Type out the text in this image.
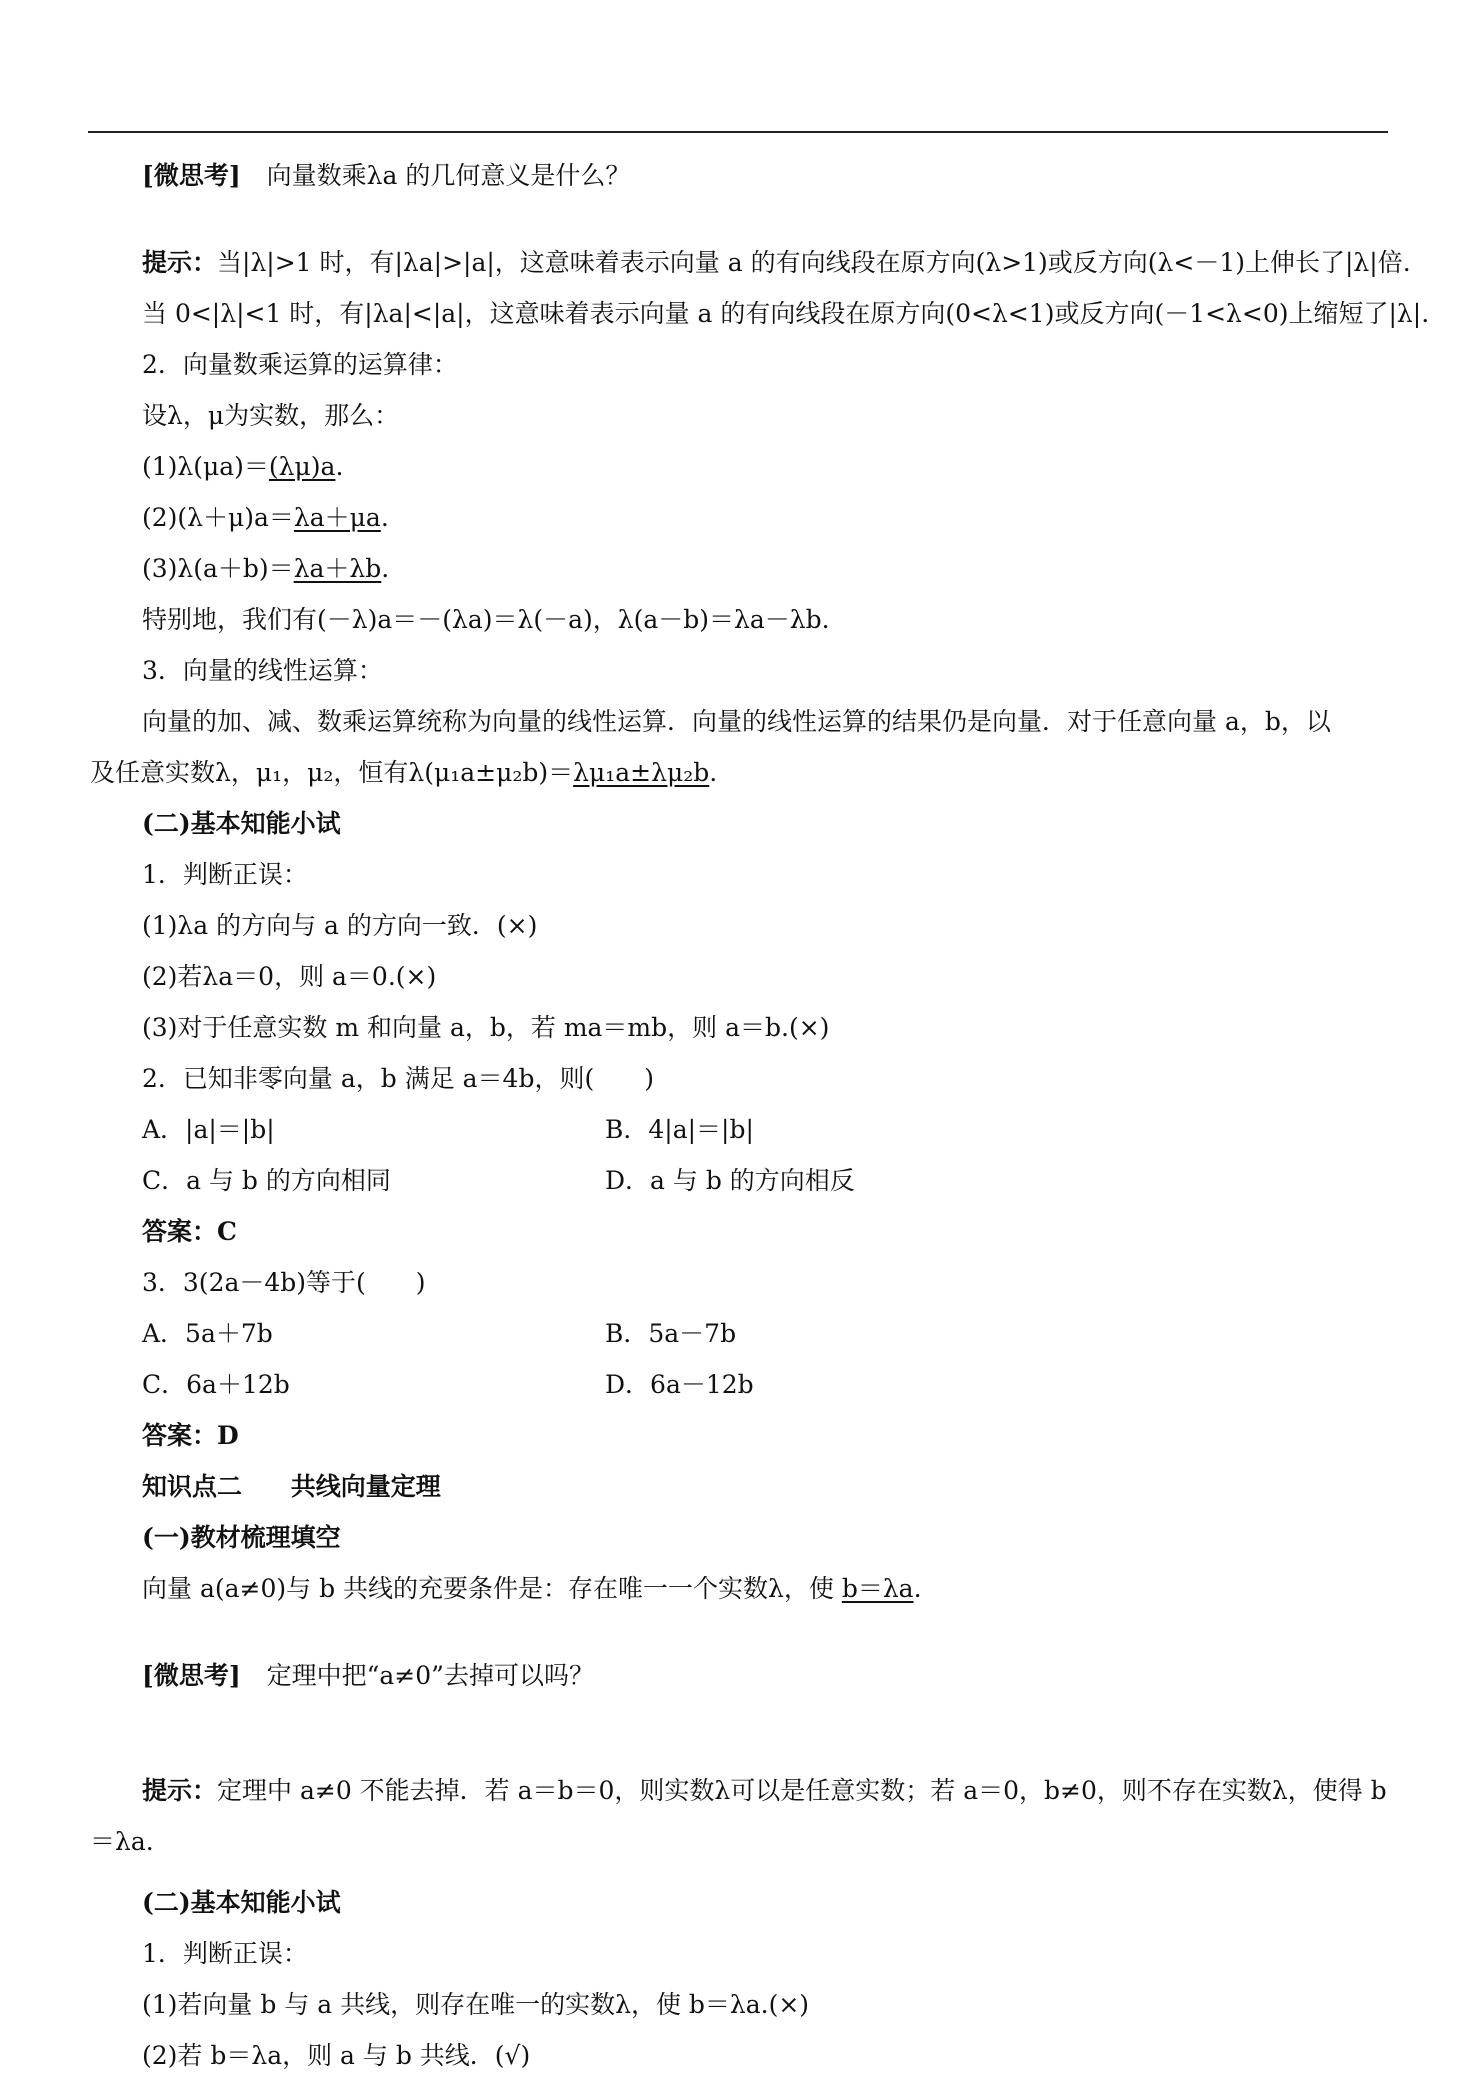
[微思考] 向量数乘λa 的几何意义是什么？
提示：当|λ|>1 时，有|λa|>|a|，这意味着表示向量 a 的有向线段在原方向(λ>1)或反方向(λ<－1)上伸长了|λ|倍.
当 0<|λ|<1 时，有|λa|<|a|，这意味着表示向量 a 的有向线段在原方向(0<λ<1)或反方向(－1<λ<0)上缩短了|λ|.
2．向量数乘运算的运算律：
设λ，μ为实数，那么：
(1)λ(μa)＝(λμ)a.
(2)(λ＋μ)a＝λa＋μa.
(3)λ(a＋b)＝λa＋λb.
特别地，我们有(－λ)a＝－(λa)＝λ(－a)，λ(a－b)＝λa－λb.
3．向量的线性运算：
向量的加、减、数乘运算统称为向量的线性运算．向量的线性运算的结果仍是向量．对于任意向量 a，b，以
及任意实数λ，μ₁，μ₂，恒有λ(μ₁a±μ₂b)＝λμ₁a±λμ₂b.
(二)基本知能小试
1．判断正误：
(1)λa 的方向与 a 的方向一致．(×)
(2)若λa＝0，则 a＝0.(×)
(3)对于任意实数 m 和向量 a，b，若 ma＝mb，则 a＝b.(×)
2．已知非零向量 a，b 满足 a＝4b，则(　　)
A．|a|＝|b|	B．4|a|＝|b|
C．a 与 b 的方向相同	D．a 与 b 的方向相反
答案：C
3．3(2a－4b)等于(　　)
A．5a＋7b	B．5a－7b
C．6a＋12b	D．6a－12b
答案：D
知识点二 共线向量定理
(一)教材梳理填空
向量 a(a≠0)与 b 共线的充要条件是：存在唯一一个实数λ，使 b＝λa.
[微思考] 定理中把“a≠0”去掉可以吗？
提示：定理中 a≠0 不能去掉．若 a＝b＝0，则实数λ可以是任意实数；若 a＝0，b≠0，则不存在实数λ，使得 b
＝λa.
(二)基本知能小试
1．判断正误：
(1)若向量 b 与 a 共线，则存在唯一的实数λ，使 b＝λa.(×)
(2)若 b＝λa，则 a 与 b 共线．(√)
